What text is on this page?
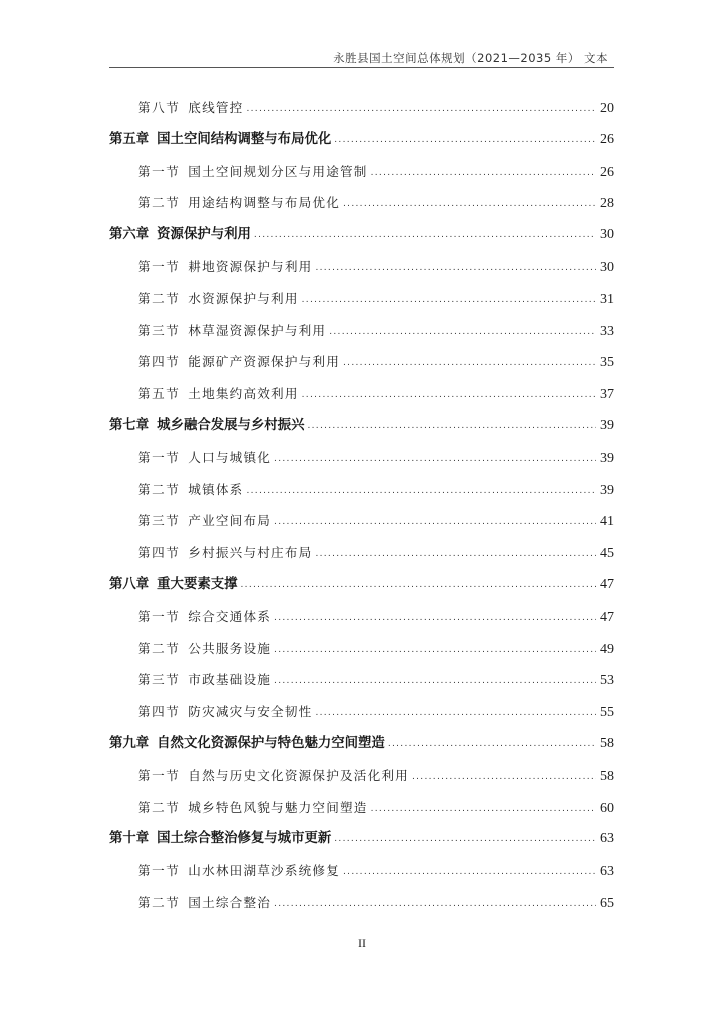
永胜县国土空间总体规划（2021—2035 年） 文本
第八节 底线管控 .....	20
第五章 国土空间结构调整与布局优化 .....	26
第一节 国土空间规划分区与用途管制 .....	26
第二节 用途结构调整与布局优化 .....	28
第六章 资源保护与利用 .....	30
第一节 耕地资源保护与利用 .....	30
第二节 水资源保护与利用 .....	31
第三节 林草湿资源保护与利用 .....	33
第四节 能源矿产资源保护与利用 .....	35
第五节 土地集约高效利用 .....	37
第七章 城乡融合发展与乡村振兴 .....	39
第一节 人口与城镇化 .....	39
第二节 城镇体系 .....	39
第三节 产业空间布局 .....	41
第四节 乡村振兴与村庄布局 .....	45
第八章 重大要素支撑 .....	47
第一节 综合交通体系 .....	47
第二节 公共服务设施 .....	49
第三节 市政基础设施 .....	53
第四节 防灾减灾与安全韧性 .....	55
第九章 自然文化资源保护与特色魅力空间塑造 .....	58
第一节 自然与历史文化资源保护及活化利用 .....	58
第二节 城乡特色风貌与魅力空间塑造 .....	60
第十章 国土综合整治修复与城市更新 .....	63
第一节 山水林田湖草沙系统修复 .....	63
第二节 国土综合整治 .....	65
II
